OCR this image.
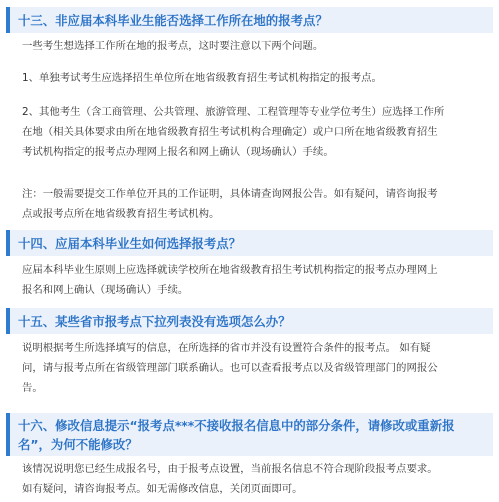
十三、非应届本科毕业生能否选择工作所在地的报考点？

一些考生想选择工作所在地的报考点，这时要注意以下两个问题。

1、单独考试考生应选择招生单位所在地省级教育招生考试机构指定的报考点。

2、其他考生（含工商管理、公共管理、旅游管理、工程管理等专业学位考生）应选择工作所
在地（相关具体要求由所在地省级教育招生考试机构合理确定）或户口所在地省级教育招生
考试机构指定的报考点办理网上报名和网上确认（现场确认）手续。

注：一般需要提交工作单位开具的工作证明，具体请查询网报公告。如有疑问，请咨询报考
点或报考点所在地省级教育招生考试机构。

十四、应届本科毕业生如何选择报考点？

应届本科毕业生原则上应选择就读学校所在地省级教育招生考试机构指定的报考点办理网上
报名和网上确认（现场确认）手续。

十五、某些省市报考点下拉列表没有选项怎么办？

说明根据考生所选择填写的信息，在所选择的省市并没有设置符合条件的报考点。 如有疑
问，请与报考点所在省级管理部门联系确认。也可以查看报考点以及省级管理部门的网报公
告。

十六、修改信息提示“报考点***不接收报名信息中的部分条件，请修改或重新报
名”，为何不能修改？

该情况说明您已经生成报名号，由于报考点设置，当前报名信息不符合现阶段报考点要求。
如有疑问，请咨询报考点。如无需修改信息，关闭页面即可。
